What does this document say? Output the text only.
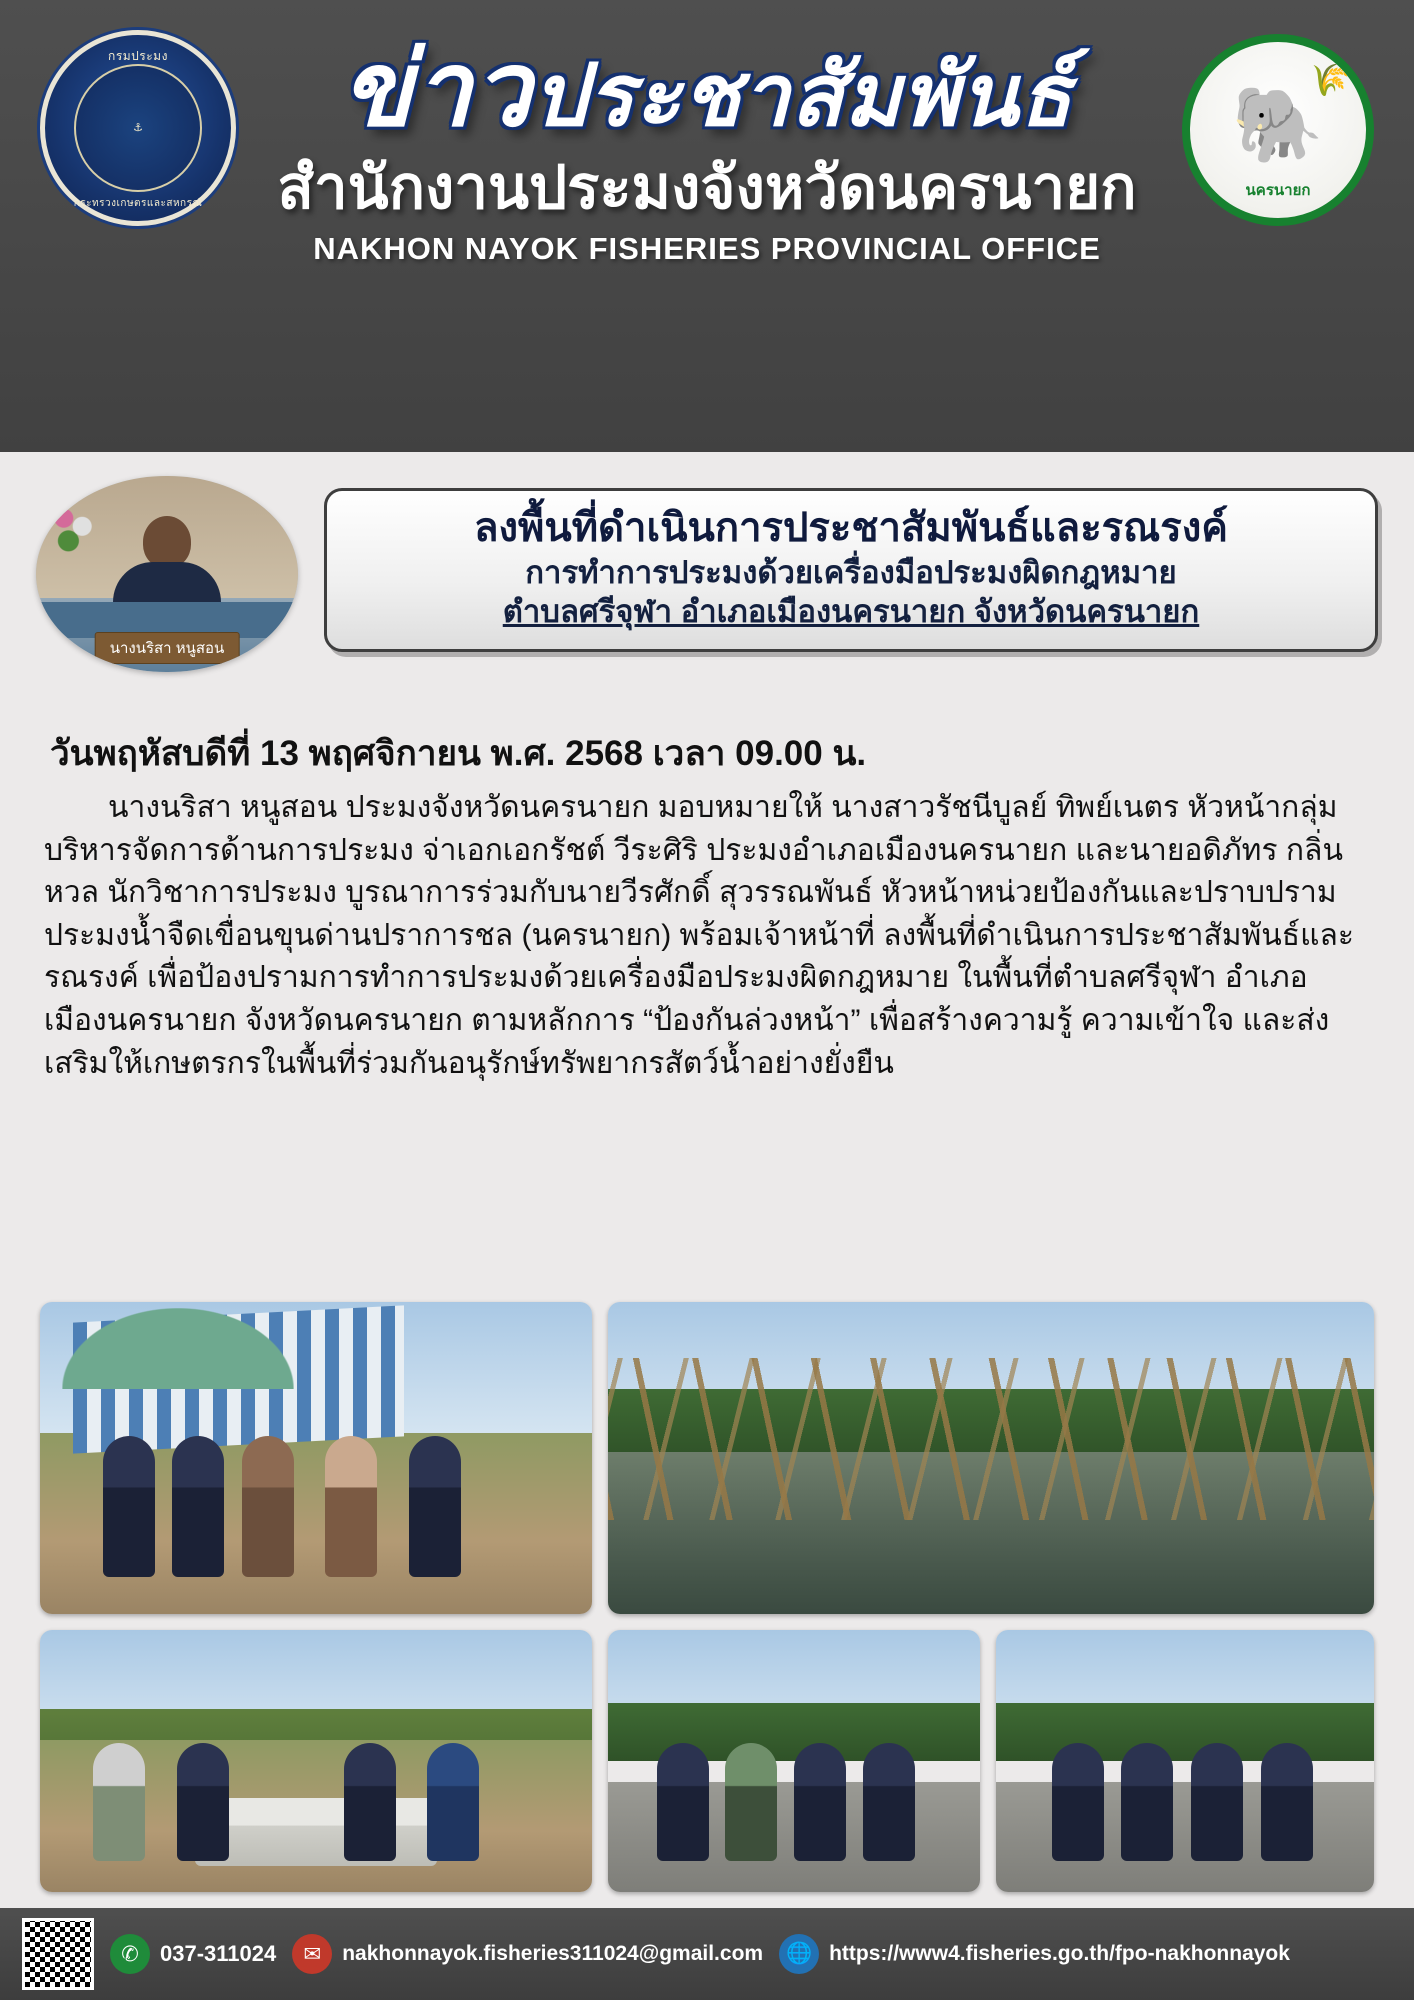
กรมประมง
⚓
กระทรวงเกษตรและสหกรณ์
ข่าวประชาสัมพันธ์
สำนักงานประมงจังหวัดนครนายก
NAKHON NAYOK FISHERIES PROVINCIAL OFFICE
🌾
🐘
นครนายก
นางนริสา หนูสอน
ลงพื้นที่ดำเนินการประชาสัมพันธ์และรณรงค์
การทำการประมงด้วยเครื่องมือประมงผิดกฎหมาย
ตำบลศรีจุฬา อำเภอเมืองนครนายก จังหวัดนครนายก
วันพฤหัสบดีที่ 13 พฤศจิกายน พ.ศ. 2568 เวลา 09.00 น.
นางนริสา หนูสอน ประมงจังหวัดนครนายก มอบหมายให้ นางสาวรัชนีบูลย์ ทิพย์เนตร หัวหน้ากลุ่มบริหารจัดการด้านการประมง จ่าเอกเอกรัชต์ วีระศิริ ประมงอำเภอเมืองนครนายก และนายอดิภัทร กลิ่นหวล นักวิชาการประมง บูรณาการร่วมกับนายวีรศักดิ์ สุวรรณพันธ์ หัวหน้าหน่วยป้องกันและปราบปรามประมงน้ำจืดเขื่อนขุนด่านปราการชล (นครนายก) พร้อมเจ้าหน้าที่ ลงพื้นที่ดำเนินการประชาสัมพันธ์และรณรงค์ เพื่อป้องปรามการทำการประมงด้วยเครื่องมือประมงผิดกฎหมาย ในพื้นที่ตำบลศรีจุฬา อำเภอเมืองนครนายก จังหวัดนครนายก ตามหลักการ “ป้องกันล่วงหน้า” เพื่อสร้างความรู้ ความเข้าใจ และส่งเสริมให้เกษตรกรในพื้นที่ร่วมกันอนุรักษ์ทรัพยากรสัตว์น้ำอย่างยั่งยืน
✆ 037-311024	✉	nakhonnayok.fisheries311024@gmail.com	🌐 https://www4.fisheries.go.th/fpo-nakhonnayok
